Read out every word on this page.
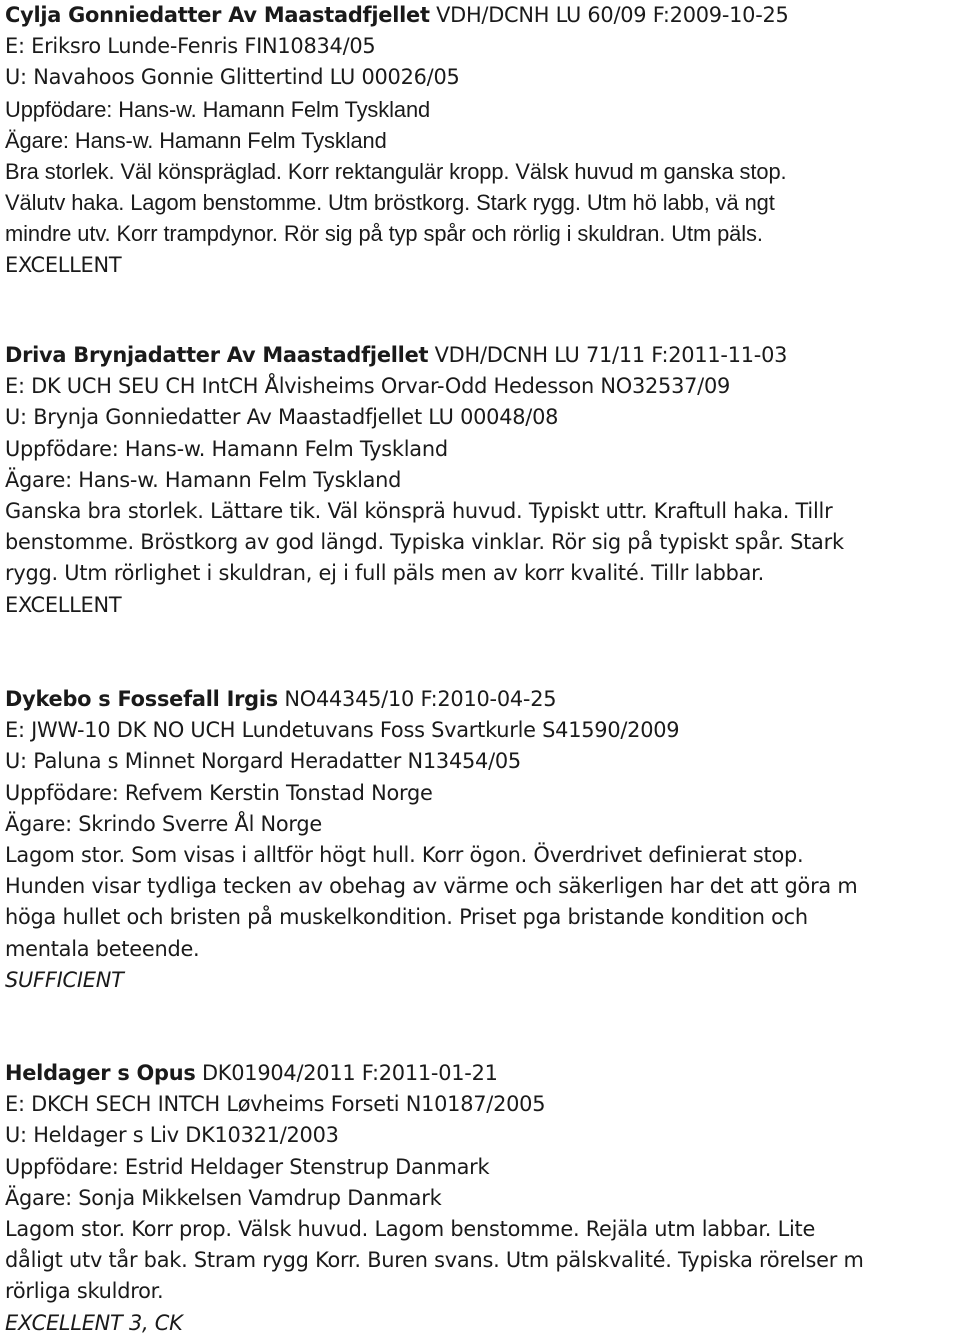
Cylja Gonniedatter Av Maastadfjellet VDH/DCNH LU 60/09 F:2009-10-25
E: Eriksro Lunde-Fenris FIN10834/05
U: Navahoos Gonnie Glittertind LU 00026/05
Uppfödare: Hans-w. Hamann Felm Tyskland
Ägare: Hans-w. Hamann Felm Tyskland
Bra storlek. Väl könspräglad. Korr rektangulär kropp. Välsk huvud m ganska stop.
Välutv haka. Lagom benstomme. Utm bröstkorg. Stark rygg. Utm hö labb, vä ngt
mindre utv. Korr trampdynor. Rör sig på typ spår och rörlig i skuldran. Utm päls.
EXCELLENT
Driva Brynjadatter Av Maastadfjellet VDH/DCNH LU 71/11 F:2011-11-03
E: DK UCH SEU CH IntCH Ålvisheims Orvar-Odd Hedesson NO32537/09
U: Brynja Gonniedatter Av Maastadfjellet LU 00048/08
Uppfödare: Hans-w. Hamann Felm Tyskland
Ägare: Hans-w. Hamann Felm Tyskland
Ganska bra storlek. Lättare tik. Väl könsprä huvud. Typiskt uttr. Kraftull haka. Tillr
benstomme. Bröstkorg av god längd. Typiska vinklar. Rör sig på typiskt spår. Stark
rygg. Utm rörlighet i skuldran, ej i full päls men av korr kvalité. Tillr labbar.
EXCELLENT
Dykebo s Fossefall Irgis NO44345/10 F:2010-04-25
E: JWW-10 DK NO UCH Lundetuvans Foss Svartkurle S41590/2009
U: Paluna s Minnet Norgard Heradatter N13454/05
Uppfödare: Refvem Kerstin Tonstad Norge
Ägare: Skrindo Sverre Ål Norge
Lagom stor. Som visas i alltför högt hull. Korr ögon. Överdrivet definierat stop.
Hunden visar tydliga tecken av obehag av värme och säkerligen har det att göra m
höga hullet och bristen på muskelkondition. Priset pga bristande kondition och
mentala beteende.
SUFFICIENT
Heldager s Opus DK01904/2011 F:2011-01-21
E: DKCH SECH INTCH Løvheims Forseti N10187/2005
U: Heldager s Liv DK10321/2003
Uppfödare: Estrid Heldager Stenstrup Danmark
Ägare: Sonja Mikkelsen Vamdrup Danmark
Lagom stor. Korr prop. Välsk huvud. Lagom benstomme. Rejäla utm labbar. Lite
dåligt utv tår bak. Stram rygg Korr. Buren svans. Utm pälskvalité. Typiska rörelser m
rörliga skuldror.
EXCELLENT 3, CK
